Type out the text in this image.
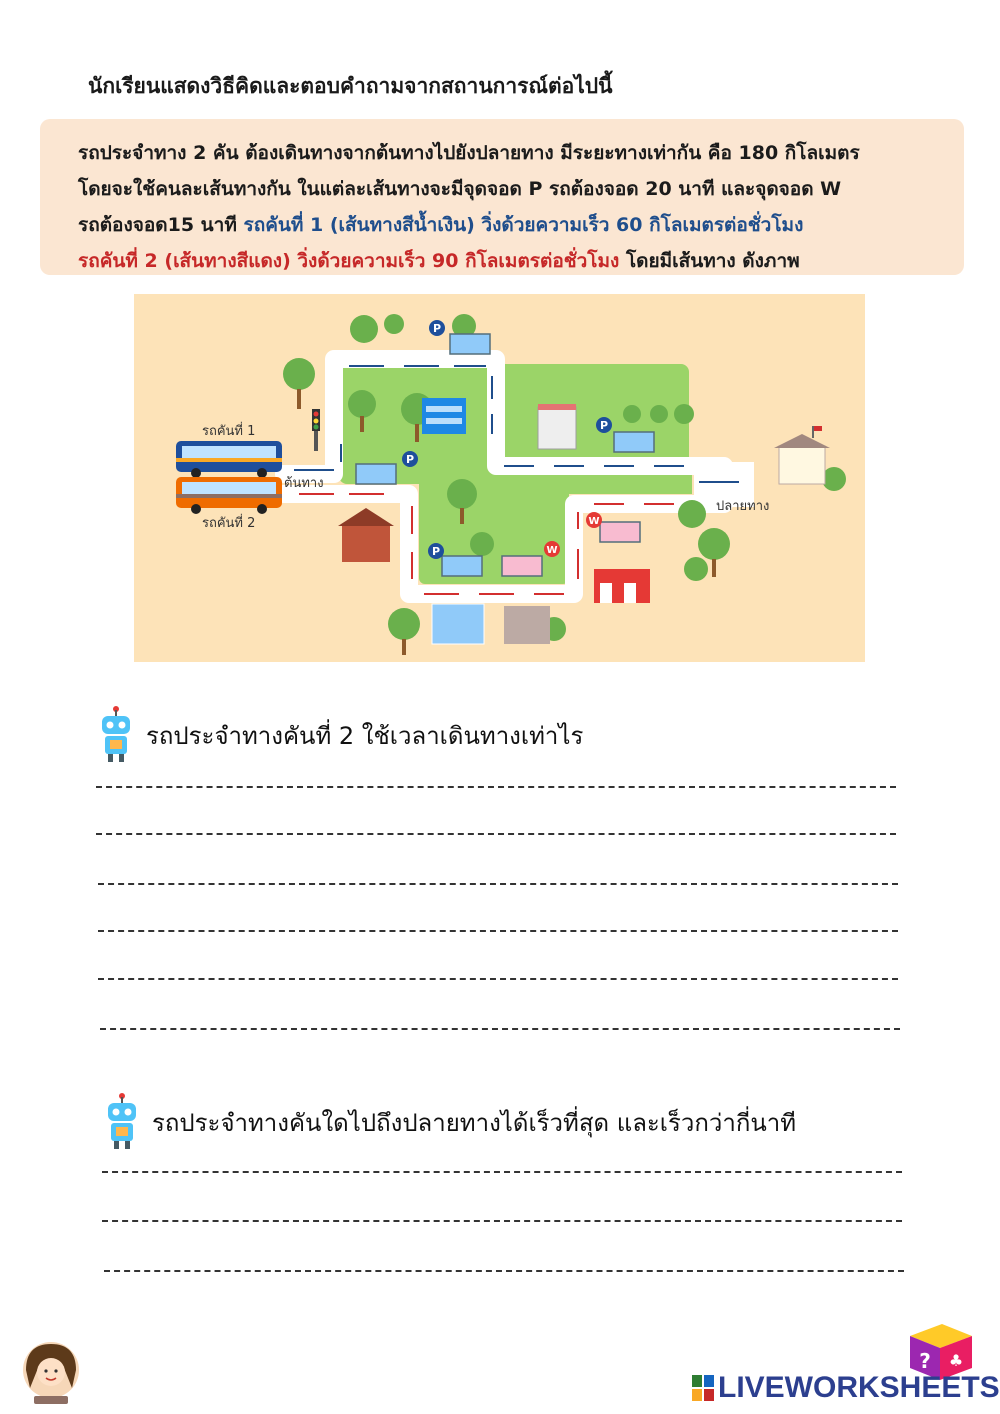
นักเรียนแสดงวิธีคิดและตอบคำถามจากสถานการณ์ต่อไปนี้
รถประจำทาง 2 คัน ต้องเดินทางจากต้นทางไปยังปลายทาง มีระยะทางเท่ากัน คือ 180 กิโลเมตร
โดยจะใช้คนละเส้นทางกัน ในแต่ละเส้นทางจะมีจุดจอด P รถต้องจอด 20 นาที และจุดจอด W
รถต้องจอด15 นาที รถคันที่ 1 (เส้นทางสีน้ำเงิน) วิ่งด้วยความเร็ว 60 กิโลเมตรต่อชั่วโมง
รถคันที่ 2 (เส้นทางสีแดง) วิ่งด้วยความเร็ว 90 กิโลเมตรต่อชั่วโมง โดยมีเส้นทาง ดังภาพ
P
P
P
P	W
W
รถคันที่ 1
รถคันที่ 2
ต้นทาง
ปลายทาง
รถประจำทางคันที่ 2 ใช้เวลาเดินทางเท่าไร
รถประจำทางคันใดไปถึงปลายทางได้เร็วที่สุด และเร็วกว่ากี่นาที
? ♣
LIVEWORKSHEETS
